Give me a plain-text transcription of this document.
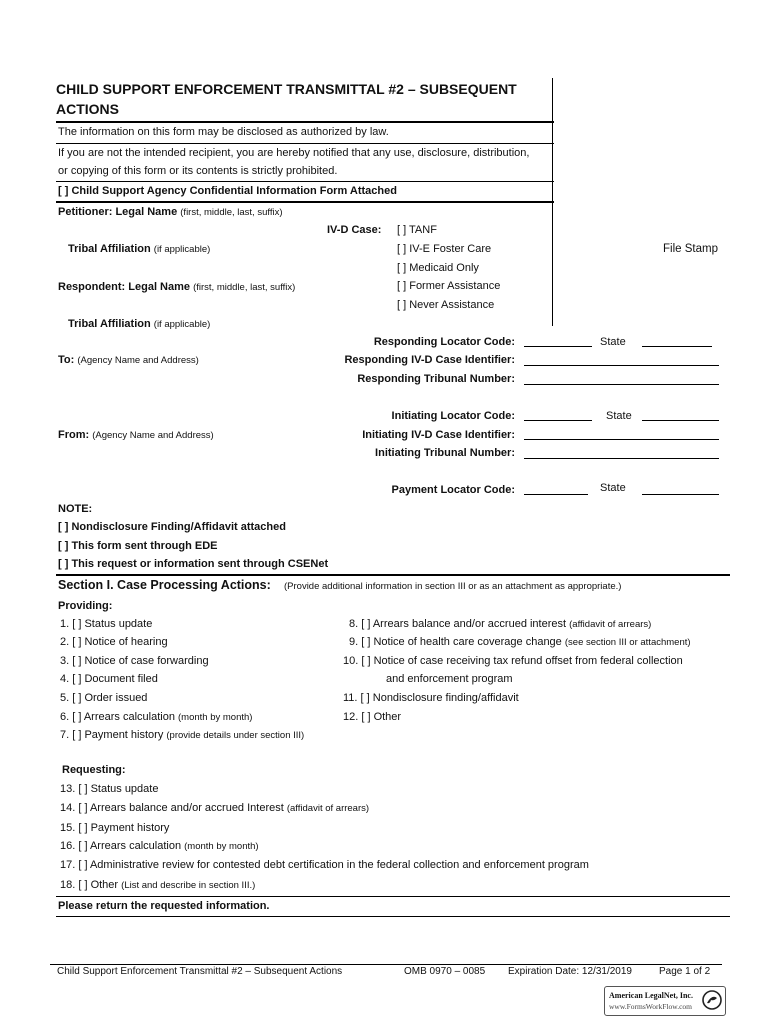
CHILD SUPPORT ENFORCEMENT TRANSMITTAL #2 – SUBSEQUENT
ACTIONS
The information on this form may be disclosed as authorized by law.
If you are not the intended recipient, you are hereby notified that any use, disclosure, distribution,
or copying of this form or its contents is strictly prohibited.
[ ] Child Support Agency Confidential Information Form Attached
File Stamp
Petitioner: Legal Name (first, middle, last, suffix)
Tribal Affiliation (if applicable)
Respondent: Legal Name (first, middle, last, suffix)
Tribal Affiliation (if applicable)
IV-D Case: [ ] TANF
[ ] IV-E Foster Care
[ ] Medicaid Only
[ ] Former Assistance
[ ] Never Assistance
To: (Agency Name and Address)
Responding Locator Code:	State
Responding IV-D Case Identifier:
Responding Tribunal Number:
From: (Agency Name and Address)
Initiating Locator Code:	State
Initiating IV-D Case Identifier:
Initiating Tribunal Number:
Payment Locator Code:	State
NOTE:
[ ] Nondisclosure Finding/Affidavit attached
[ ] This form sent through EDE
[ ] This request or information sent through CSENet
Section I. Case Processing Actions: (Provide additional information in section III or as an attachment as appropriate.)
Providing:
1. [ ] Status update
2. [ ] Notice of hearing
3. [ ] Notice of case forwarding
4. [ ] Document filed
5. [ ] Order issued
6. [ ] Arrears calculation (month by month)
7. [ ] Payment history (provide details under section III)
8. [ ] Arrears balance and/or accrued interest (affidavit of arrears)
9. [ ] Notice of health care coverage change (see section III or attachment)
10. [ ] Notice of case receiving tax refund offset from federal collection
and enforcement program
11. [ ] Nondisclosure finding/affidavit
12. [ ] Other
Requesting:
13. [ ] Status update
14. [ ] Arrears balance and/or accrued Interest (affidavit of arrears)
15. [ ] Payment history
16. [ ] Arrears calculation (month by month)
17. [ ] Administrative review for contested debt certification in the federal collection and enforcement program
18. [ ] Other (List and describe in section III.)
Please return the requested information.
Child Support Enforcement Transmittal #2 – Subsequent Actions	OMB 0970 – 0085 Expiration Date: 12/31/2019	Page 1 of 2
American LegalNet, Inc.
www.FormsWorkFlow.com
